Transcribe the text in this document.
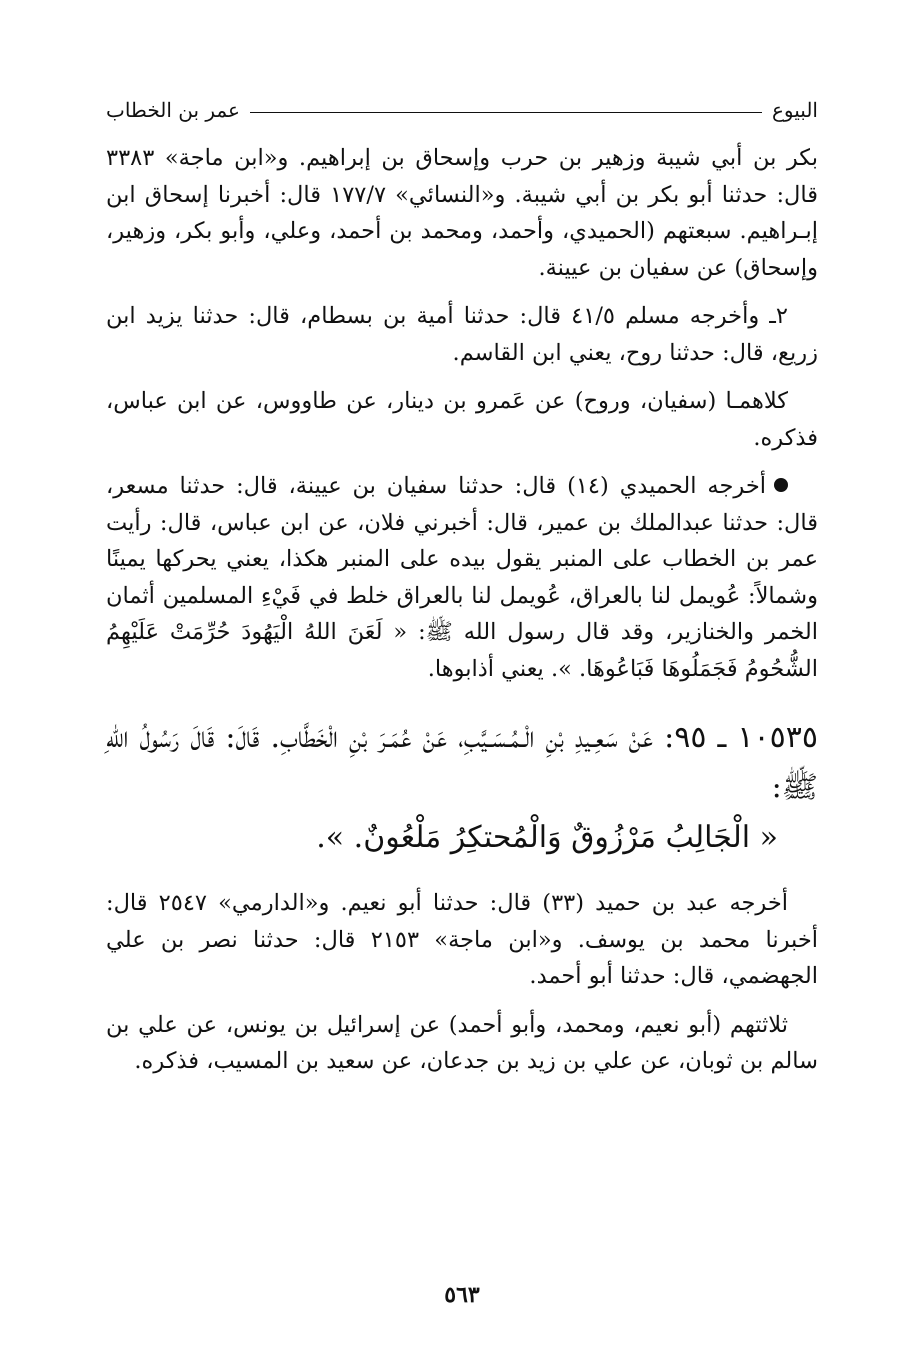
البيوع
عمر بن الخطاب

بكر بن أبي شيبة وزهير بن حرب وإسحاق بن إبراهيم. و«ابن ماجة» ٣٣٨٣ قال: حدثنا أبو بكر بن أبي شيبة. و«النسائي» ١٧٧/٧ قال: أخبرنا إسحاق ابن إبـراهيم. سبعتهم (الحميدي، وأحمد، ومحمد بن أحمد، وعلي، وأبو بكر، وزهير، وإسحاق) عن سفيان بن عيينة.

٢ـ وأخرجه مسلم ٤١/٥ قال: حدثنا أمية بن بسطام، قال: حدثنا يزيد ابن زريع، قال: حدثنا روح، يعني ابن القاسم.

كلاهمـا (سفيان، وروح) عن عَمرو بن دينار، عن طاووس، عن ابن عباس، فذكره.

أخرجه الحميدي (١٤) قال: حدثنا سفيان بن عيينة، قال: حدثنا مسعر، قال: حدثنا عبدالملك بن عمير، قال: أخبرني فلان، عن ابن عباس، قال: رأيت عمر بن الخطاب على المنبر يقول بيده على المنبر هكذا، يعني يحركها يمينًا وشمالاً: عُويمل لنا بالعراق، عُويمل لنا بالعراق خلط في فَيْءِ المسلمين أثمان الخمر والخنازير، وقد قال رسول الله ﷺ: « لَعَنَ اللهُ الْيَهُودَ حُرِّمَتْ عَلَيْهِمُ الشُّحُومُ فَجَمَلُوهَا فَبَاعُوهَا. ». يعني أذابوها.

١٠٥٣٥ ـ ٩٥: عَنْ سَعِـيدِ بْنِ الْـمُـسَـيَّبِ، عَنْ عُمَـرَ بْنِ الْخَطَّابِ. قَالَ: قَالَ رَسُولُ اللهِ ﷺ:
« الْجَالِبُ مَرْزُوقٌ وَالْمُحتكِرُ مَلْعُونٌ. ».

أخرجه عبد بن حميد (٣٣) قال: حدثنا أبو نعيم. و«الدارمي» ٢٥٤٧ قال: أخبرنا محمد بن يوسف. و«ابن ماجة» ٢١٥٣ قال: حدثنا نصر بن علي الجهضمي، قال: حدثنا أبو أحمد.

ثلاثتهم (أبو نعيم، ومحمد، وأبو أحمد) عن إسرائيل بن يونس، عن علي بن سالم بن ثوبان، عن علي بن زيد بن جدعان، عن سعيد بن المسيب، فذكره.

٥٦٣
